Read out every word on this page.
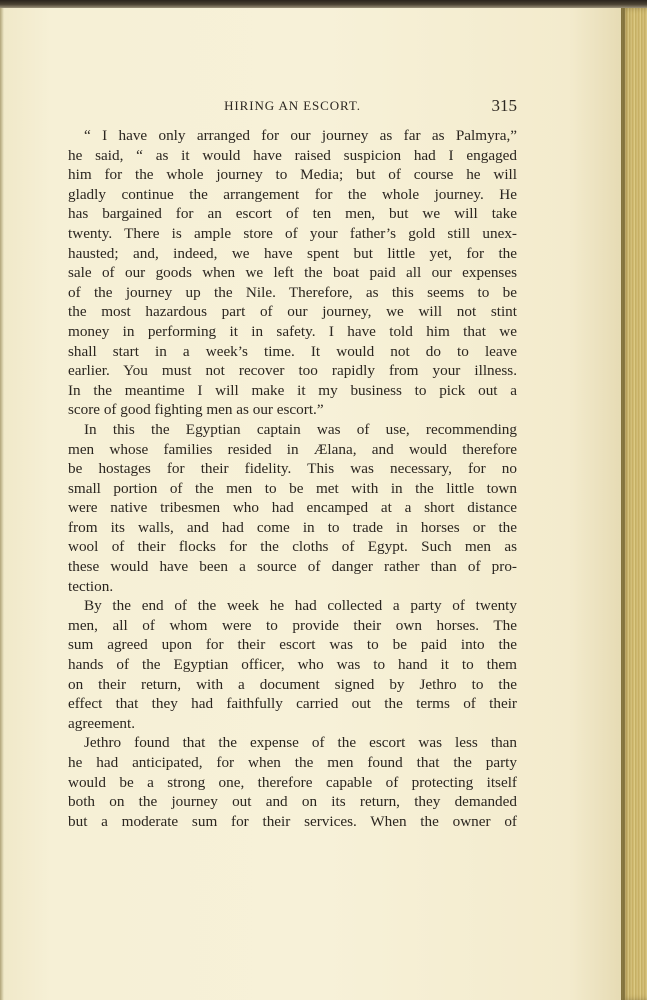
HIRING AN ESCORT.	315
“ I have only arranged for our journey as far as Palmyra,”
he said, “ as it would have raised suspicion had I engaged
him for the whole journey to Media; but of course he will
gladly continue the arrangement for the whole journey. He
has bargained for an escort of ten men, but we will take
twenty. There is ample store of your father’s gold still unex-
hausted; and, indeed, we have spent but little yet, for the
sale of our goods when we left the boat paid all our expenses
of the journey up the Nile. Therefore, as this seems to be
the most hazardous part of our journey, we will not stint
money in performing it in safety. I have told him that we
shall start in a week’s time. It would not do to leave
earlier. You must not recover too rapidly from your illness.
In the meantime I will make it my business to pick out a
score of good fighting men as our escort.”
In this the Egyptian captain was of use, recommending
men whose families resided in Ælana, and would therefore
be hostages for their fidelity. This was necessary, for no
small portion of the men to be met with in the little town
were native tribesmen who had encamped at a short distance
from its walls, and had come in to trade in horses or the
wool of their flocks for the cloths of Egypt. Such men as
these would have been a source of danger rather than of pro-
tection.
By the end of the week he had collected a party of twenty
men, all of whom were to provide their own horses. The
sum agreed upon for their escort was to be paid into the
hands of the Egyptian officer, who was to hand it to them
on their return, with a document signed by Jethro to the
effect that they had faithfully carried out the terms of their
agreement.
Jethro found that the expense of the escort was less than
he had anticipated, for when the men found that the party
would be a strong one, therefore capable of protecting itself
both on the journey out and on its return, they demanded
but a moderate sum for their services. When the owner of
